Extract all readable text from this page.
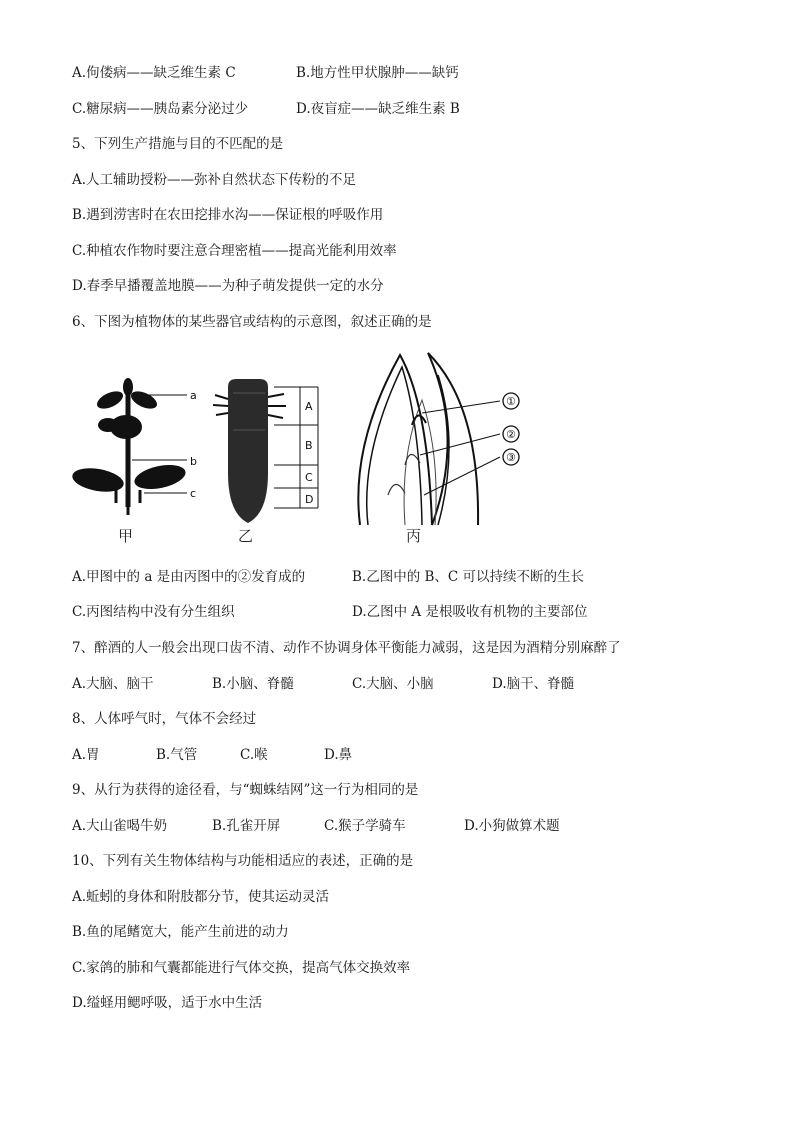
A.佝偻病——缺乏维生素 C	B.地方性甲状腺肿——缺钙
C.糖尿病——胰岛素分泌过少	D.夜盲症——缺乏维生素 B
5、下列生产措施与目的不匹配的是
A.人工辅助授粉——弥补自然状态下传粉的不足
B.遇到涝害时在农田挖排水沟——保证根的呼吸作用
C.种植农作物时要注意合理密植——提高光能利用效率
D.春季早播覆盖地膜——为种子萌发提供一定的水分
6、下图为植物体的某些器官或结构的示意图，叙述正确的是
a
b
c
甲
A
B
C
D
乙
①
②
③
丙
A.甲图中的 a 是由丙图中的②发育成的	B.乙图中的 B、C 可以持续不断的生长
C.丙图结构中没有分生组织	D.乙图中 A 是根吸收有机物的主要部位
7、醉酒的人一般会出现口齿不清、动作不协调身体平衡能力减弱，这是因为酒精分别麻醉了
A.大脑、脑干	B.小脑、脊髓	C.大脑、小脑	D.脑干、脊髓
8、人体呼气时，气体不会经过
A.胃	B.气管	C.喉	D.鼻
9、从行为获得的途径看，与“蜘蛛结网”这一行为相同的是
A.大山雀喝牛奶	B.孔雀开屏	C.猴子学骑车	D.小狗做算术题
10、下列有关生物体结构与功能相适应的表述，正确的是
A.蚯蚓的身体和附肢都分节，使其运动灵活
B.鱼的尾鳍宽大，能产生前进的动力
C.家鸽的肺和气囊都能进行气体交换，提高气体交换效率
D.缢蛏用鳃呼吸，适于水中生活
